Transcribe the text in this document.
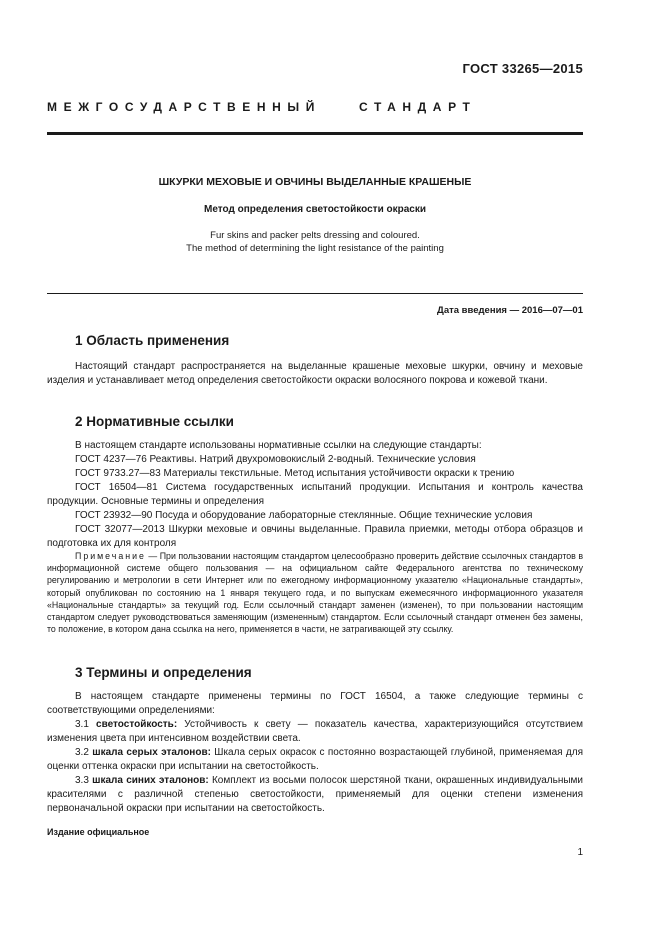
ГОСТ 33265—2015
МЕЖГОСУДАРСТВЕННЫЙ	СТАНДАРТ
ШКУРКИ МЕХОВЫЕ И ОВЧИНЫ ВЫДЕЛАННЫЕ КРАШЕНЫЕ
Метод определения светостойкости окраски
Fur skins and packer pelts dressing and coloured.
The method of determining the light resistance of the painting
Дата введения — 2016—07—01
1 Область применения
Настоящий стандарт распространяется на выделанные крашеные меховые шкурки, овчину и меховые изделия и устанавливает метод определения светостойкости окраски волосяного покрова и кожевой ткани.
2 Нормативные ссылки
В настоящем стандарте использованы нормативные ссылки на следующие стандарты:
ГОСТ 4237—76 Реактивы. Натрий двухромовокислый 2-водный. Технические условия
ГОСТ 9733.27—83 Материалы текстильные. Метод испытания устойчивости окраски к трению
ГОСТ 16504—81 Система государственных испытаний продукции. Испытания и контроль качества продукции. Основные термины и определения
ГОСТ 23932—90 Посуда и оборудование лабораторные стеклянные. Общие технические условия
ГОСТ 32077—2013 Шкурки меховые и овчины выделанные. Правила приемки, методы отбора образцов и подготовка их для контроля
Примечание — При пользовании настоящим стандартом целесообразно проверить действие ссылочных стандартов в информационной системе общего пользования — на официальном сайте Федерального агентства по техническому регулированию и метрологии в сети Интернет или по ежегодному информационному указателю «Национальные стандарты», который опубликован по состоянию на 1 января текущего года, и по выпускам ежемесячного информационного указателя «Национальные стандарты» за текущий год. Если ссылочный стандарт заменен (изменен), то при пользовании настоящим стандартом следует руководствоваться заменяющим (измененным) стандартом. Если ссылочный стандарт отменен без замены, то положение, в котором дана ссылка на него, применяется в части, не затрагивающей эту ссылку.
3 Термины и определения
В настоящем стандарте применены термины по ГОСТ 16504, а также следующие термины с соответствующими определениями:
3.1 светостойкость: Устойчивость к свету — показатель качества, характеризующийся отсутствием изменения цвета при интенсивном воздействии света.
3.2 шкала серых эталонов: Шкала серых окрасок с постоянно возрастающей глубиной, применяемая для оценки оттенка окраски при испытании на светостойкость.
3.3 шкала синих эталонов: Комплект из восьми полосок шерстяной ткани, окрашенных индивидуальными красителями с различной степенью светостойкости, применяемый для оценки степени изменения первоначальной окраски при испытании на светостойкость.
Издание официальное
1
